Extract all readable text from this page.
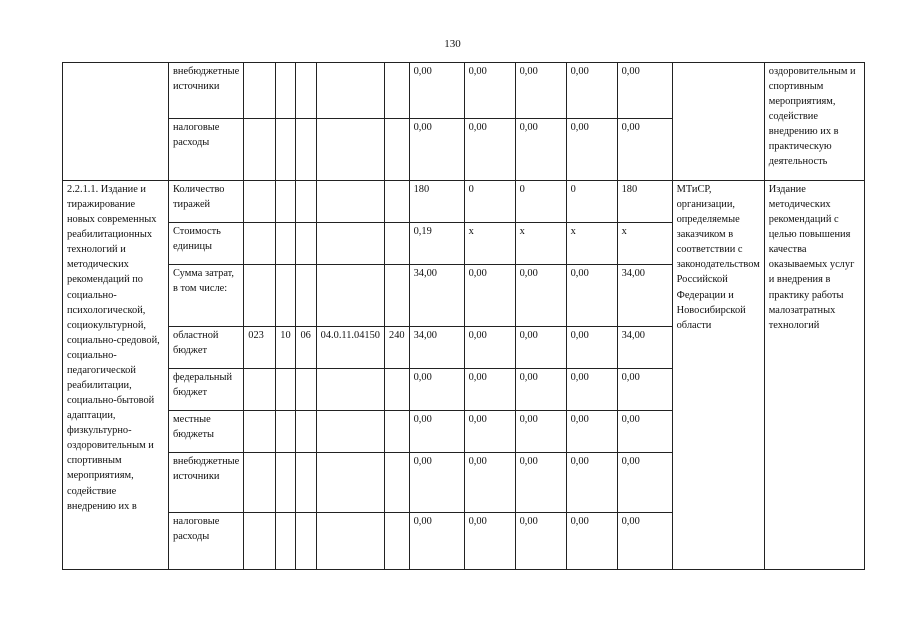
130
	внебюджетные источники						0,00	0,00	0,00	0,00	0,00		оздоровительным и спортивным мероприятиям, содействие внедрению их в практическую деятельность
	налоговые расходы						0,00	0,00	0,00	0,00	0,00		
2.2.1.1. Издание и тиражирование новых современных реабилитационных технологий и методических рекомендаций по социально-психологической, социокультурной, социально-средовой, социально-педагогической реабилитации, социально-бытовой адаптации, физкультурно-оздоровительным и спортивным мероприятиям, содействие внедрению их в	Количество тиражей						180	0	0	0	180	МТиСР, организации, определяемые заказчиком в соответствии с законодательством Российской Федерации и Новосибирской области	Издание методических рекомендаций с целью повышения качества оказываемых услуг и внедрения в практику работы малозатратных технологий
	Стоимость единицы						0,19	х	х	х	х		
	Сумма затрат, в том числе:						34,00	0,00	0,00	0,00	34,00		
	областной бюджет	023	10	06	04.0.11.04150	240	34,00	0,00	0,00	0,00	34,00		
	федеральный бюджет						0,00	0,00	0,00	0,00	0,00		
	местные бюджеты						0,00	0,00	0,00	0,00	0,00		
	внебюджетные источники						0,00	0,00	0,00	0,00	0,00		
	налоговые расходы						0,00	0,00	0,00	0,00	0,00		
